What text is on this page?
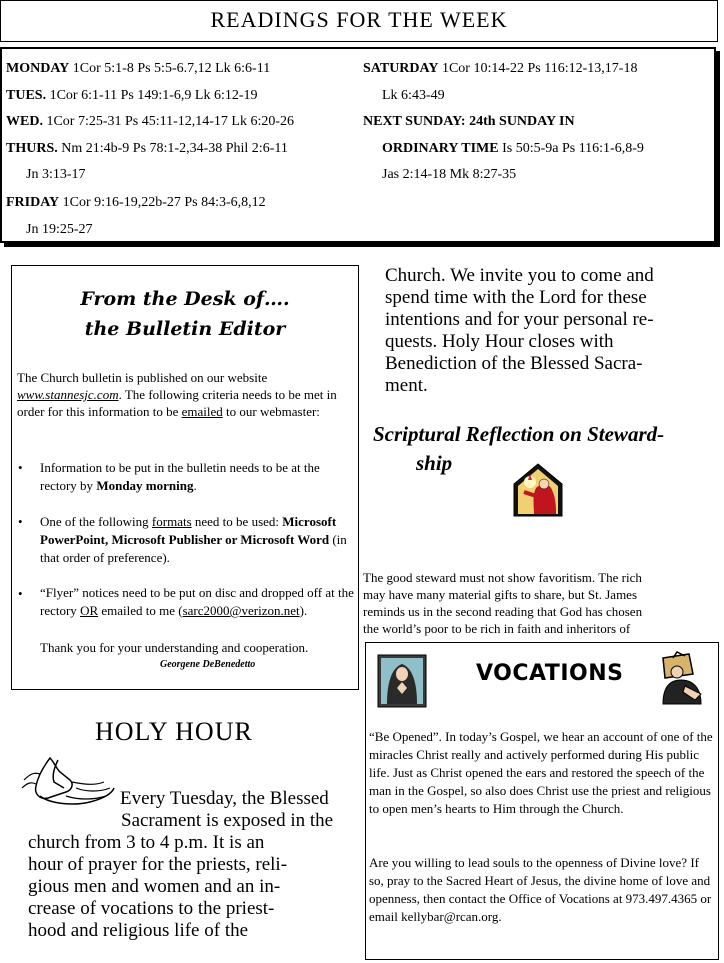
READINGS FOR THE WEEK
MONDAY 1Cor 5:1-8 Ps 5:5-6.7,12 Lk 6:6-11
TUES. 1Cor 6:1-11 Ps 149:1-6,9 Lk 6:12-19
WED. 1Cor 7:25-31 Ps 45:11-12,14-17 Lk 6:20-26
THURS. Nm 21:4b-9 Ps 78:1-2,34-38 Phil 2:6-11
Jn 3:13-17
FRIDAY 1Cor 9:16-19,22b-27 Ps 84:3-6,8,12
Jn 19:25-27
SATURDAY 1Cor 10:14-22 Ps 116:12-13,17-18
Lk 6:43-49
NEXT SUNDAY: 24th SUNDAY IN
ORDINARY TIME Is 50:5-9a Ps 116:1-6,8-9
Jas 2:14-18 Mk 8:27-35
From the Desk of….
the Bulletin Editor
The Church bulletin is published on our website www.stannesjc.com. The following criteria needs to be met in order for this information to be emailed to our webmaster:
• Information to be put in the bulletin needs to be at the rectory by Monday morning.
• One of the following formats need to be used: Microsoft PowerPoint, Microsoft Publisher or Microsoft Word (in that order of preference).
• “Flyer” notices need to be put on disc and dropped off at the rectory OR emailed to me (sarc2000@verizon.net).
Thank you for your understanding and cooperation.
Georgene DeBenedetto
HOLY HOUR
Every Tuesday, the Blessed
Sacrament is exposed in the
church from 3 to 4 p.m. It is an
hour of prayer for the priests, reli-
gious men and women and an in-
crease of vocations to the priest-
hood and religious life of the
Church. We invite you to come and
spend time with the Lord for these
intentions and for your personal re-
quests. Holy Hour closes with
Benediction of the Blessed Sacra-
ment.
Scriptural Reflection on Steward-
ship
The good steward must not show favoritism. The rich
may have many material gifts to share, but St. James
reminds us in the second reading that God has chosen
the world’s poor to be rich in faith and inheritors of
VOCATIONS
“Be Opened”. In today’s Gospel, we hear an account of one of the miracles Christ really and actively performed during His public life. Just as Christ opened the ears and restored the speech of the man in the Gospel, so also does Christ use the priest and religious to open men’s hearts to Him through the Church.
Are you willing to lead souls to the openness of Divine love? If so, pray to the Sacred Heart of Jesus, the divine home of love and openness, then contact the Office of Vocations at 973.497.4365 or email kellybar@rcan.org.
